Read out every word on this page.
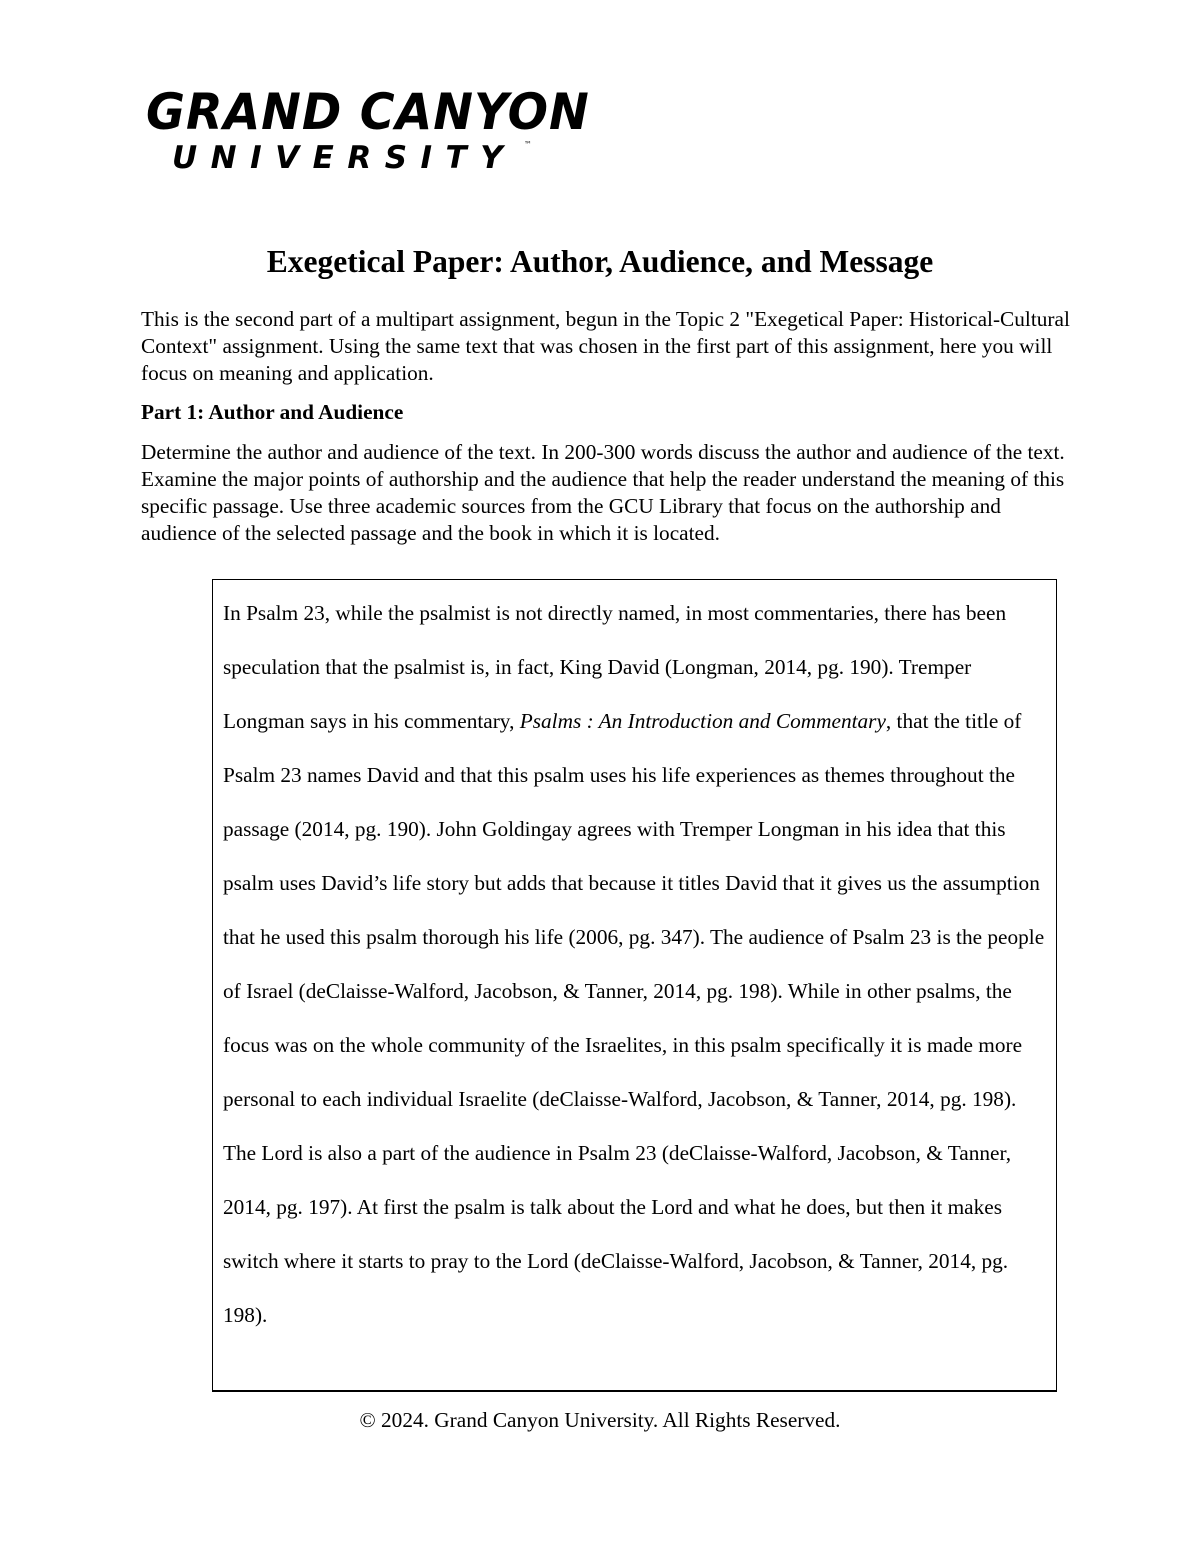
GRAND CANYON
UNIVERSITY ™
Exegetical Paper: Author, Audience, and Message

This is the second part of a multipart assignment, begun in the Topic 2 "Exegetical Paper: Historical-Cultural Context" assignment. Using the same text that was chosen in the first part of this assignment, here you will focus on meaning and application.

Part 1: Author and Audience

Determine the author and audience of the text. In 200-300 words discuss the author and audience of the text. Examine the major points of authorship and the audience that help the reader understand the meaning of this specific passage. Use three academic sources from the GCU Library that focus on the authorship and audience of the selected passage and the book in which it is located.

In Psalm 23, while the psalmist is not directly named, in most commentaries, there has been speculation that the psalmist is, in fact, King David (Longman, 2014, pg. 190). Tremper Longman says in his commentary, Psalms : An Introduction and Commentary, that the title of Psalm 23 names David and that this psalm uses his life experiences as themes throughout the passage (2014, pg. 190). John Goldingay agrees with Tremper Longman in his idea that this psalm uses David’s life story but adds that because it titles David that it gives us the assumption that he used this psalm thorough his life (2006, pg. 347). The audience of Psalm 23 is the people of Israel (deClaisse-Walford, Jacobson, & Tanner, 2014, pg. 198). While in other psalms, the focus was on the whole community of the Israelites, in this psalm specifically it is made more personal to each individual Israelite (deClaisse-Walford, Jacobson, & Tanner, 2014, pg. 198). The Lord is also a part of the audience in Psalm 23 (deClaisse-Walford, Jacobson, & Tanner, 2014, pg. 197). At first the psalm is talk about the Lord and what he does, but then it makes switch where it starts to pray to the Lord (deClaisse-Walford, Jacobson, & Tanner, 2014, pg. 198).

© 2024. Grand Canyon University. All Rights Reserved.
